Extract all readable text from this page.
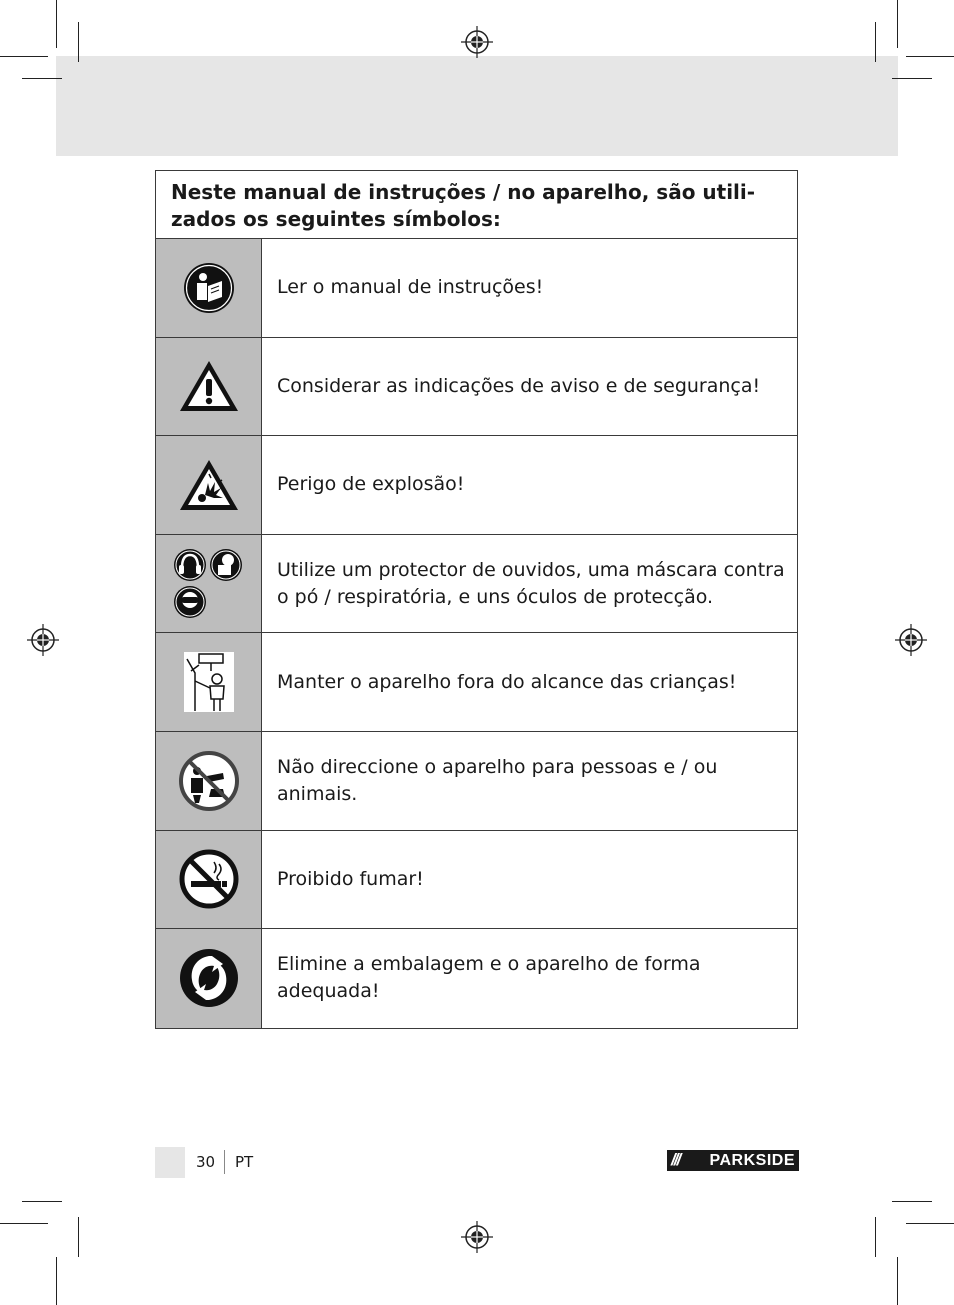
Neste manual de instruções / no aparelho, são utili-zados os seguintes símbolos:
Ler o manual de instruções!
Considerar as indicações de aviso e de segurança!
Perigo de explosão!
Utilize um protector de ouvidos, uma máscara contra o pó / respiratória, e uns óculos de protecção.
Manter o aparelho fora do alcance das crianças!
Não direccione o aparelho para pessoas e / ou animais.
Proibido fumar!
Elimine a embalagem e o aparelho de forma adequada!
30 PT	/// PARKSIDE
